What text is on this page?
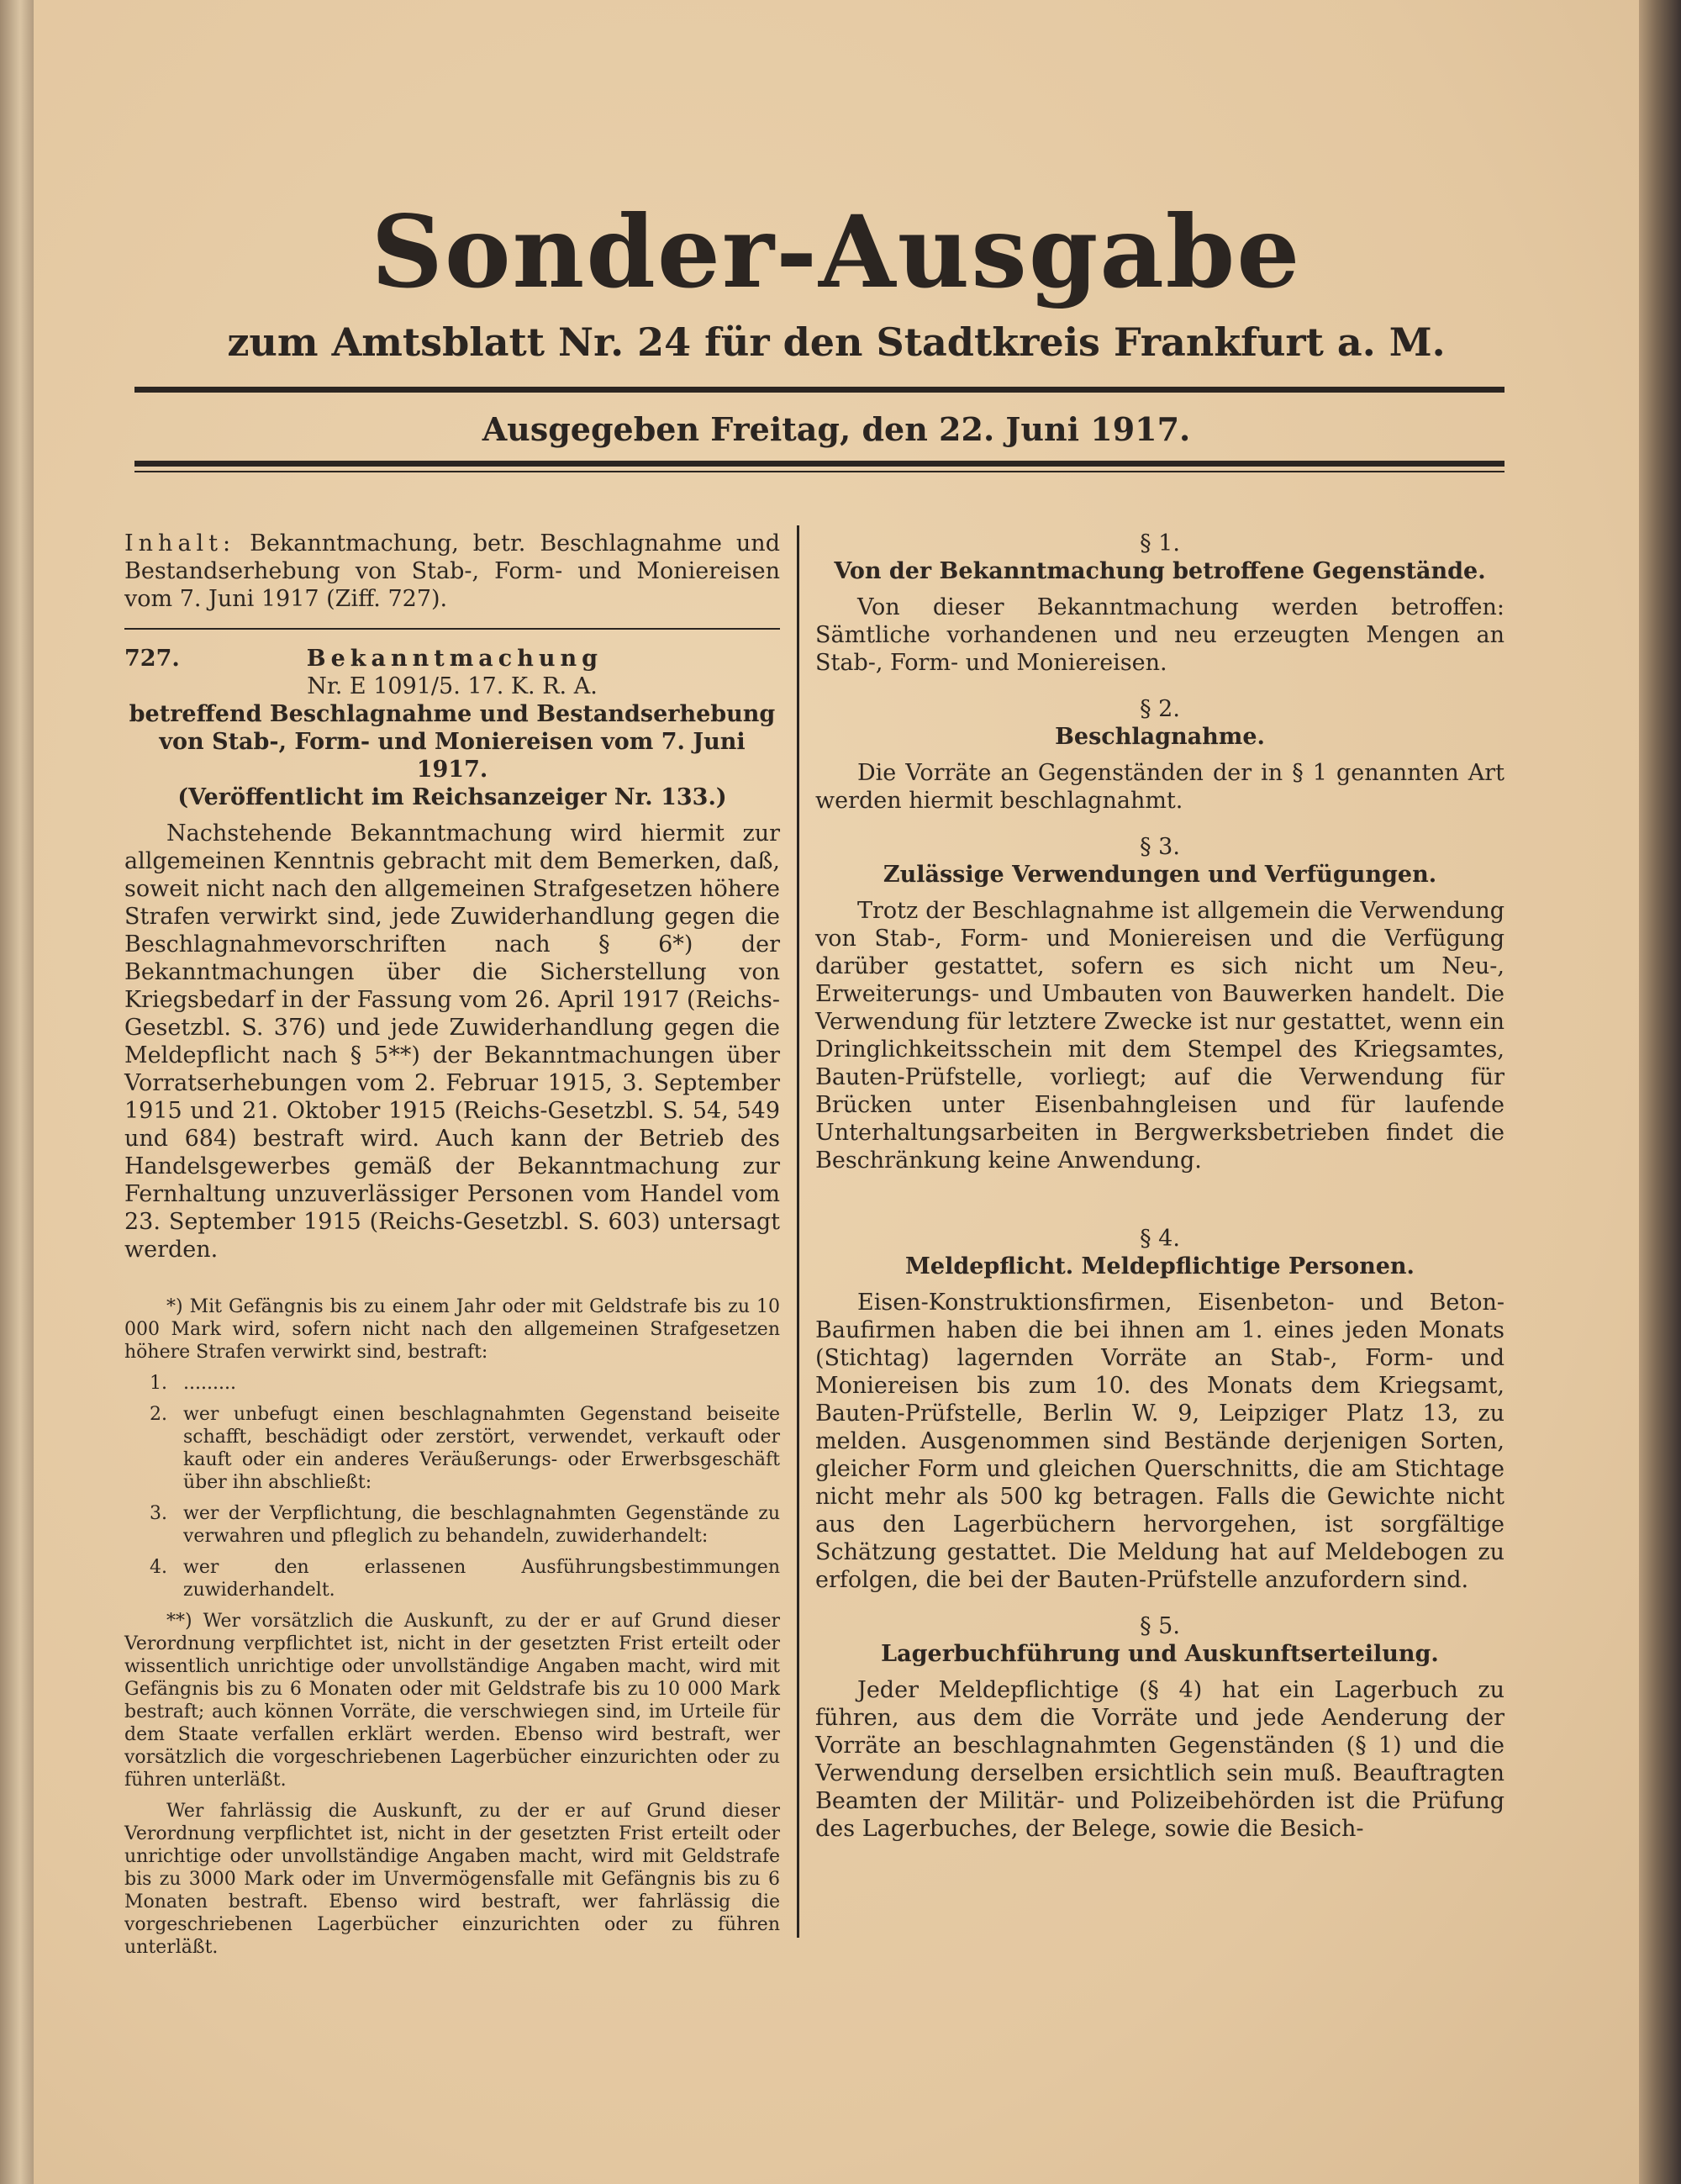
Sonder-Ausgabe
zum Amtsblatt Nr. 24 für den Stadtkreis Frankfurt a. M.
Ausgegeben Freitag, den 22. Juni 1917.

Inhalt: Bekanntmachung, betr. Beschlagnahme und Bestandserhebung von Stab-, Form- und Moniereisen vom 7. Juni 1917 (Ziff. 727).

727.	Bekanntmachung
Nr. E 1091/5. 17. K. R. A.

betreffend Beschlagnahme und Bestandserhebung von Stab-, Form- und Moniereisen vom 7. Juni 1917.

(Veröffentlicht im Reichsanzeiger Nr. 133.)

Nachstehende Bekanntmachung wird hiermit zur allgemeinen Kenntnis gebracht mit dem Bemerken, daß, soweit nicht nach den allgemeinen Strafgesetzen höhere Strafen verwirkt sind, jede Zuwiderhandlung gegen die Beschlagnahmevorschriften nach § 6*) der Bekanntmachungen über die Sicherstellung von Kriegsbedarf in der Fassung vom 26. April 1917 (Reichs-Gesetzbl. S. 376) und jede Zuwiderhandlung gegen die Meldepflicht nach § 5**) der Bekanntmachungen über Vorratserhebungen vom 2. Februar 1915, 3. September 1915 und 21. Oktober 1915 (Reichs-Gesetzbl. S. 54, 549 und 684) bestraft wird. Auch kann der Betrieb des Handelsgewerbes gemäß der Bekanntmachung zur Fernhaltung unzuverlässiger Personen vom Handel vom 23. September 1915 (Reichs-Gesetzbl. S. 603) untersagt werden.

*) Mit Gefängnis bis zu einem Jahr oder mit Geldstrafe bis zu 10 000 Mark wird, sofern nicht nach den allgemeinen Strafgesetzen höhere Strafen verwirkt sind, bestraft:

1. .........
2. wer unbefugt einen beschlagnahmten Gegenstand beiseite schafft, beschädigt oder zerstört, verwendet, verkauft oder kauft oder ein anderes Veräußerungs- oder Erwerbsgeschäft über ihn abschließt:
3. wer der Verpflichtung, die beschlagnahmten Gegenstände zu verwahren und pfleglich zu behandeln, zuwiderhandelt:
4. wer den erlassenen Ausführungsbestimmungen zuwiderhandelt.

**) Wer vorsätzlich die Auskunft, zu der er auf Grund dieser Verordnung verpflichtet ist, nicht in der gesetzten Frist erteilt oder wissentlich unrichtige oder unvollständige Angaben macht, wird mit Gefängnis bis zu 6 Monaten oder mit Geldstrafe bis zu 10 000 Mark bestraft; auch können Vorräte, die verschwiegen sind, im Urteile für dem Staate verfallen erklärt werden. Ebenso wird bestraft, wer vorsätzlich die vorgeschriebenen Lagerbücher einzurichten oder zu führen unterläßt.

Wer fahrlässig die Auskunft, zu der er auf Grund dieser Verordnung verpflichtet ist, nicht in der gesetzten Frist erteilt oder unrichtige oder unvollständige Angaben macht, wird mit Geldstrafe bis zu 3000 Mark oder im Unvermögensfalle mit Gefängnis bis zu 6 Monaten bestraft. Ebenso wird bestraft, wer fahrlässig die vorgeschriebenen Lagerbücher einzurichten oder zu führen unterläßt.

§ 1.
Von der Bekanntmachung betroffene Gegenstände.

Von dieser Bekanntmachung werden betroffen: Sämtliche vorhandenen und neu erzeugten Mengen an Stab-, Form- und Moniereisen.

§ 2.
Beschlagnahme.

Die Vorräte an Gegenständen der in § 1 genannten Art werden hiermit beschlagnahmt.

§ 3.
Zulässige Verwendungen und Verfügungen.

Trotz der Beschlagnahme ist allgemein die Verwendung von Stab-, Form- und Moniereisen und die Verfügung darüber gestattet, sofern es sich nicht um Neu-, Erweiterungs- und Umbauten von Bauwerken handelt. Die Verwendung für letztere Zwecke ist nur gestattet, wenn ein Dringlichkeitsschein mit dem Stempel des Kriegsamtes, Bauten-Prüfstelle, vorliegt; auf die Verwendung für Brücken unter Eisenbahngleisen und für laufende Unterhaltungsarbeiten in Bergwerksbetrieben findet die Beschränkung keine Anwendung.

§ 4.
Meldepflicht. Meldepflichtige Personen.

Eisen-Konstruktionsfirmen, Eisenbeton- und Beton-Baufirmen haben die bei ihnen am 1. eines jeden Monats (Stichtag) lagernden Vorräte an Stab-, Form- und Moniereisen bis zum 10. des Monats dem Kriegsamt, Bauten-Prüfstelle, Berlin W. 9, Leipziger Platz 13, zu melden. Ausgenommen sind Bestände derjenigen Sorten, gleicher Form und gleichen Querschnitts, die am Stichtage nicht mehr als 500 kg betragen. Falls die Gewichte nicht aus den Lagerbüchern hervorgehen, ist sorgfältige Schätzung gestattet. Die Meldung hat auf Meldebogen zu erfolgen, die bei der Bauten-Prüfstelle anzufordern sind.

§ 5.
Lagerbuchführung und Auskunftserteilung.

Jeder Meldepflichtige (§ 4) hat ein Lagerbuch zu führen, aus dem die Vorräte und jede Aenderung der Vorräte an beschlagnahmten Gegenständen (§ 1) und die Verwendung derselben ersichtlich sein muß. Beauftragten Beamten der Militär- und Polizeibehörden ist die Prüfung des Lagerbuches, der Belege, sowie die Besich-
